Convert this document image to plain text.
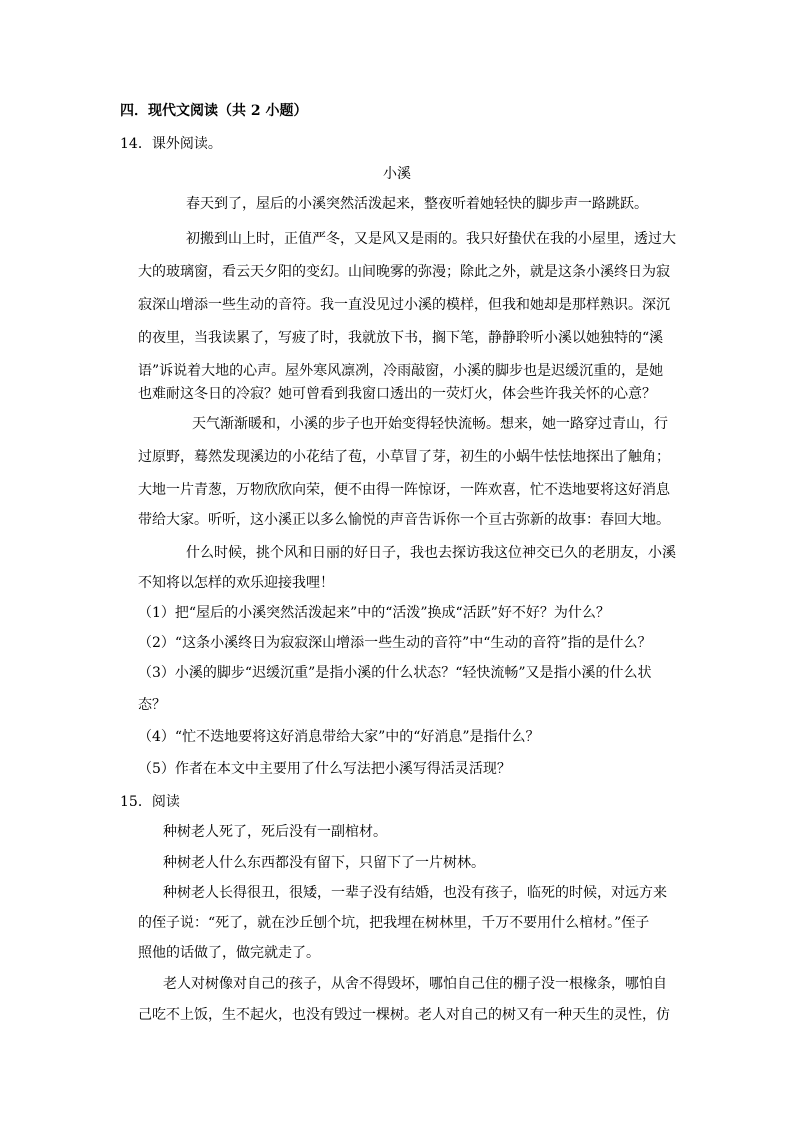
四．现代文阅读（共 2 小题）
14．课外阅读。
小溪
春天到了，屋后的小溪突然活泼起来，整夜听着她轻快的脚步声一路跳跃。
初搬到山上时，正值严冬，又是风又是雨的。我只好蛰伏在我的小屋里，透过大
大的玻璃窗，看云天夕阳的变幻。山间晚雾的弥漫；除此之外，就是这条小溪终日为寂
寂深山增添一些生动的音符。我一直没见过小溪的模样，但我和她却是那样熟识。深沉
的夜里，当我读累了，写疲了时，我就放下书，搁下笔，静静聆听小溪以她独特的“溪
语”诉说着大地的心声。屋外寒风凛冽，冷雨敲窗，小溪的脚步也是迟缓沉重的，是她
也难耐这冬日的冷寂？她可曾看到我窗口透出的一荧灯火，体会些许我关怀的心意？
天气渐渐暖和，小溪的步子也开始变得轻快流畅。想来，她一路穿过青山，行
过原野，蓦然发现溪边的小花结了苞，小草冒了芽，初生的小蜗牛怯怯地探出了触角；
大地一片青葱，万物欣欣向荣，便不由得一阵惊讶，一阵欢喜，忙不迭地要将这好消息
带给大家。听听，这小溪正以多么愉悦的声音告诉你一个亘古弥新的故事：春回大地。
什么时候，挑个风和日丽的好日子，我也去探访我这位神交已久的老朋友，小溪
不知将以怎样的欢乐迎接我哩！
（1）把“屋后的小溪突然活泼起来”中的“活泼”换成“活跃”好不好？为什么？
（2）“这条小溪终日为寂寂深山增添一些生动的音符”中“生动的音符”指的是什么？
（3）小溪的脚步“迟缓沉重”是指小溪的什么状态？“轻快流畅”又是指小溪的什么状
态？
（4）“忙不迭地要将这好消息带给大家”中的“好消息”是指什么？
（5）作者在本文中主要用了什么写法把小溪写得活灵活现？
15．阅读
种树老人死了，死后没有一副棺材。
种树老人什么东西都没有留下，只留下了一片树林。
种树老人长得很丑，很矮，一辈子没有结婚，也没有孩子，临死的时候，对远方来
的侄子说：“死了，就在沙丘刨个坑，把我埋在树林里，千万不要用什么棺材。”侄子
照他的话做了，做完就走了。
老人对树像对自己的孩子，从舍不得毁坏，哪怕自己住的棚子没一根椽条，哪怕自
己吃不上饭，生不起火，也没有毁过一棵树。老人对自己的树又有一种天生的灵性，仿
